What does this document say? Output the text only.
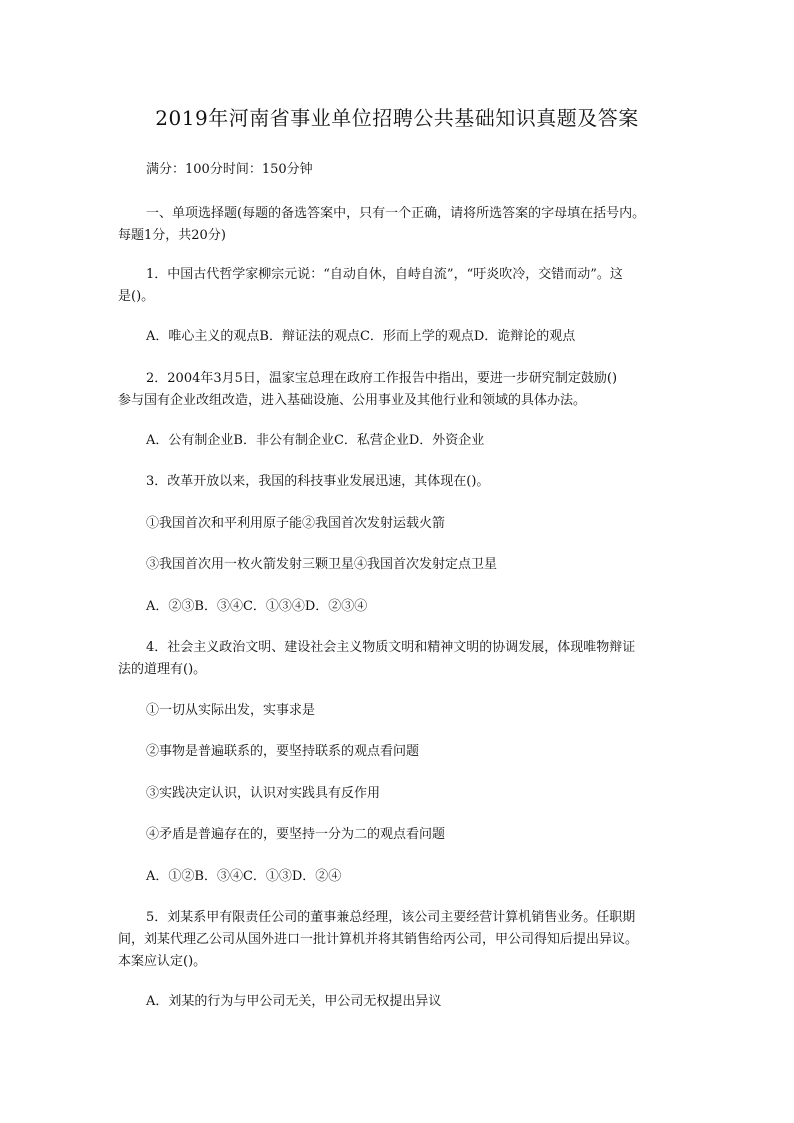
2019年河南省事业单位招聘公共基础知识真题及答案
满分：100分时间：150分钟
一、单项选择题(每题的备选答案中，只有一个正确，请将所选答案的字母填在括号内。
每题1分，共20分)
1．中国古代哲学家柳宗元说：“自动自休，自峙自流”，“吁炎吹冷，交错而动”。这
是()。
A．唯心主义的观点B．辩证法的观点C．形而上学的观点D．诡辩论的观点
2．2004年3月5日，温家宝总理在政府工作报告中指出，要进一步研究制定鼓励()
参与国有企业改组改造，进入基础设施、公用事业及其他行业和领域的具体办法。
A．公有制企业B．非公有制企业C．私营企业D．外资企业
3．改革开放以来，我国的科技事业发展迅速，其体现在()。
①我国首次和平利用原子能②我国首次发射运载火箭
③我国首次用一枚火箭发射三颗卫星④我国首次发射定点卫星
A．②③B．③④C．①③④D．②③④
4．社会主义政治文明、建设社会主义物质文明和精神文明的协调发展，体现唯物辩证
法的道理有()。
①一切从实际出发，实事求是
②事物是普遍联系的，要坚持联系的观点看问题
③实践决定认识，认识对实践具有反作用
④矛盾是普遍存在的，要坚持一分为二的观点看问题
A．①②B．③④C．①③D．②④
5．刘某系甲有限责任公司的董事兼总经理，该公司主要经营计算机销售业务。任职期
间，刘某代理乙公司从国外进口一批计算机并将其销售给丙公司，甲公司得知后提出异议。
本案应认定()。
A．刘某的行为与甲公司无关，甲公司无权提出异议
